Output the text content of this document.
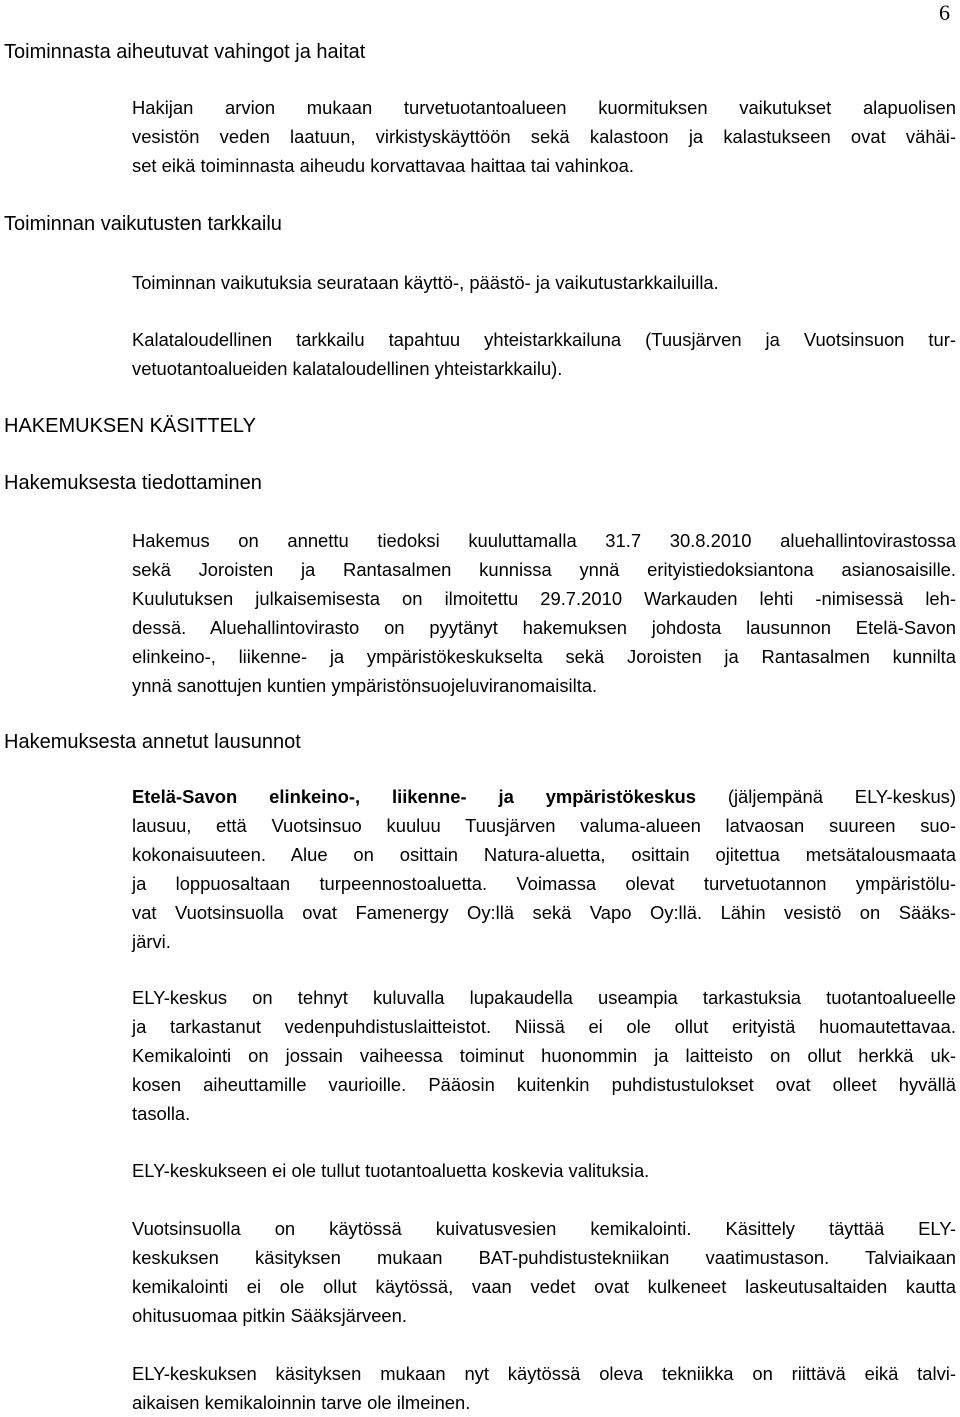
6
Toiminnasta aiheutuvat vahingot ja haitat
Hakijan arvion mukaan turvetuotantoalueen kuormituksen vaikutukset alapuolisen
vesistön veden laatuun, virkistyskäyttöön sekä kalastoon ja kalastukseen ovat vähäi-
set eikä toiminnasta aiheudu korvattavaa haittaa tai vahinkoa.
Toiminnan vaikutusten tarkkailu
Toiminnan vaikutuksia seurataan käyttö-, päästö- ja vaikutustarkkailuilla.
Kalataloudellinen tarkkailu tapahtuu yhteistarkkailuna (Tuusjärven ja Vuotsinsuon tur-
vetuotantoalueiden kalataloudellinen yhteistarkkailu).
HAKEMUKSEN KÄSITTELY
Hakemuksesta tiedottaminen
Hakemus on annettu tiedoksi kuuluttamalla 31.7 30.8.2010 aluehallintovirastossa
sekä Joroisten ja Rantasalmen kunnissa ynnä erityistiedoksiantona asianosaisille.
Kuulutuksen julkaisemisesta on ilmoitettu 29.7.2010 Warkauden lehti -nimisessä leh-
dessä. Aluehallintovirasto on pyytänyt hakemuksen johdosta lausunnon Etelä-Savon
elinkeino-, liikenne- ja ympäristökeskukselta sekä Joroisten ja Rantasalmen kunnilta
ynnä sanottujen kuntien ympäristönsuojeluviranomaisilta.
Hakemuksesta annetut lausunnot
Etelä-Savon elinkeino-, liikenne- ja ympäristökeskus (jäljempänä ELY-keskus)
lausuu, että Vuotsinsuo kuuluu Tuusjärven valuma-alueen latvaosan suureen suo-
kokonaisuuteen. Alue on osittain Natura-aluetta, osittain ojitettua metsätalousmaata
ja loppuosaltaan turpeennostoaluetta. Voimassa olevat turvetuotannon ympäristölu-
vat Vuotsinsuolla ovat Famenergy Oy:llä sekä Vapo Oy:llä. Lähin vesistö on Sääks-
järvi.
ELY-keskus on tehnyt kuluvalla lupakaudella useampia tarkastuksia tuotantoalueelle
ja tarkastanut vedenpuhdistuslaitteistot. Niissä ei ole ollut erityistä huomautettavaa.
Kemikalointi on jossain vaiheessa toiminut huonommin ja laitteisto on ollut herkkä uk-
kosen aiheuttamille vaurioille. Pääosin kuitenkin puhdistustulokset ovat olleet hyvällä
tasolla.
ELY-keskukseen ei ole tullut tuotantoaluetta koskevia valituksia.
Vuotsinsuolla on käytössä kuivatusvesien kemikalointi. Käsittely täyttää ELY-
keskuksen käsityksen mukaan BAT-puhdistustekniikan vaatimustason. Talviaikaan
kemikalointi ei ole ollut käytössä, vaan vedet ovat kulkeneet laskeutusaltaiden kautta
ohitusuomaa pitkin Sääksjärveen.
ELY-keskuksen käsityksen mukaan nyt käytössä oleva tekniikka on riittävä eikä talvi-
aikaisen kemikaloinnin tarve ole ilmeinen.
